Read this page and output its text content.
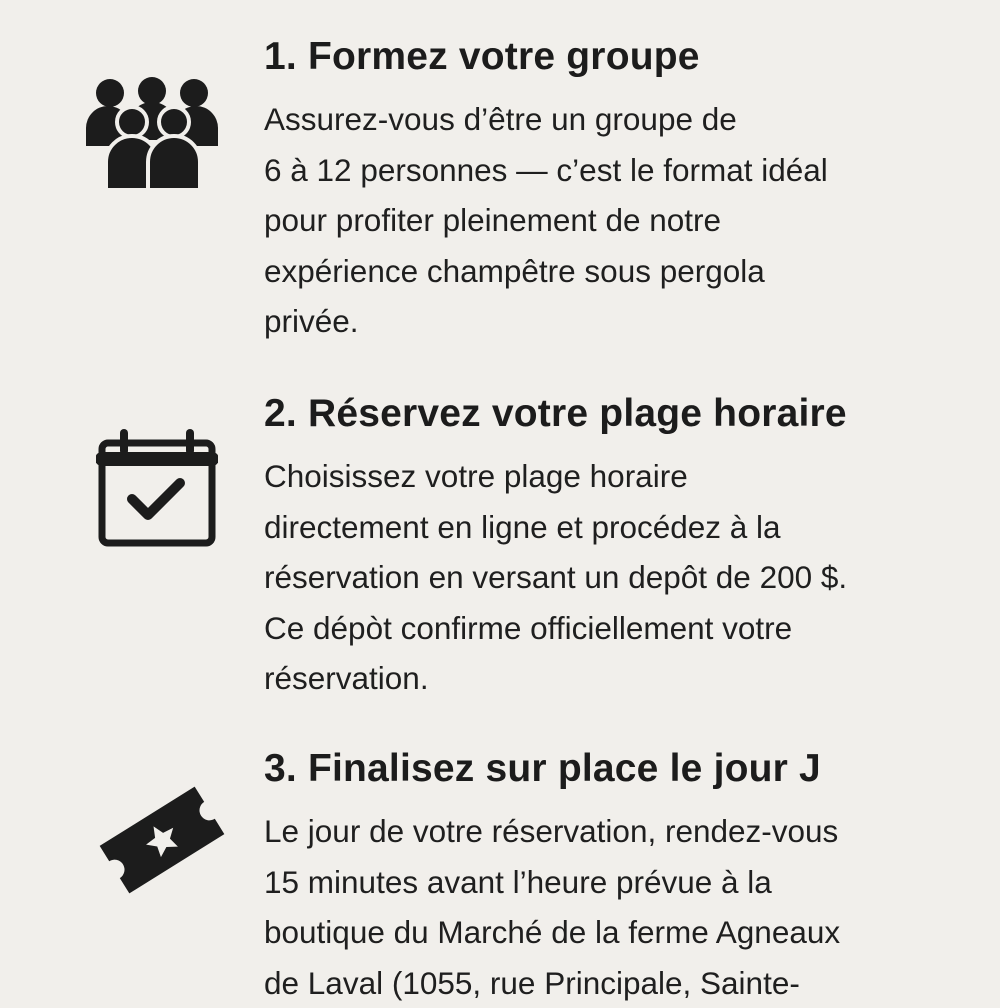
1. Formez votre groupe

Assurez-vous d’être un groupe de
6 à 12 personnes — c’est le format idéal
pour profiter pleinement de notre
expérience champêtre sous pergola
privée.

2. Réservez votre plage horaire

Choisissez votre plage horaire
directement en ligne et procédez à la
réservation en versant un depôt de 200 $.
Ce dépòt confirme officiellement votre
réservation.

3. Finalisez sur place le jour J

Le jour de votre réservation, rendez-vous
15 minutes avant l’heure prévue à la
boutique du Marché de la ferme Agneaux
de Laval (1055, rue Principale, Sainte-
